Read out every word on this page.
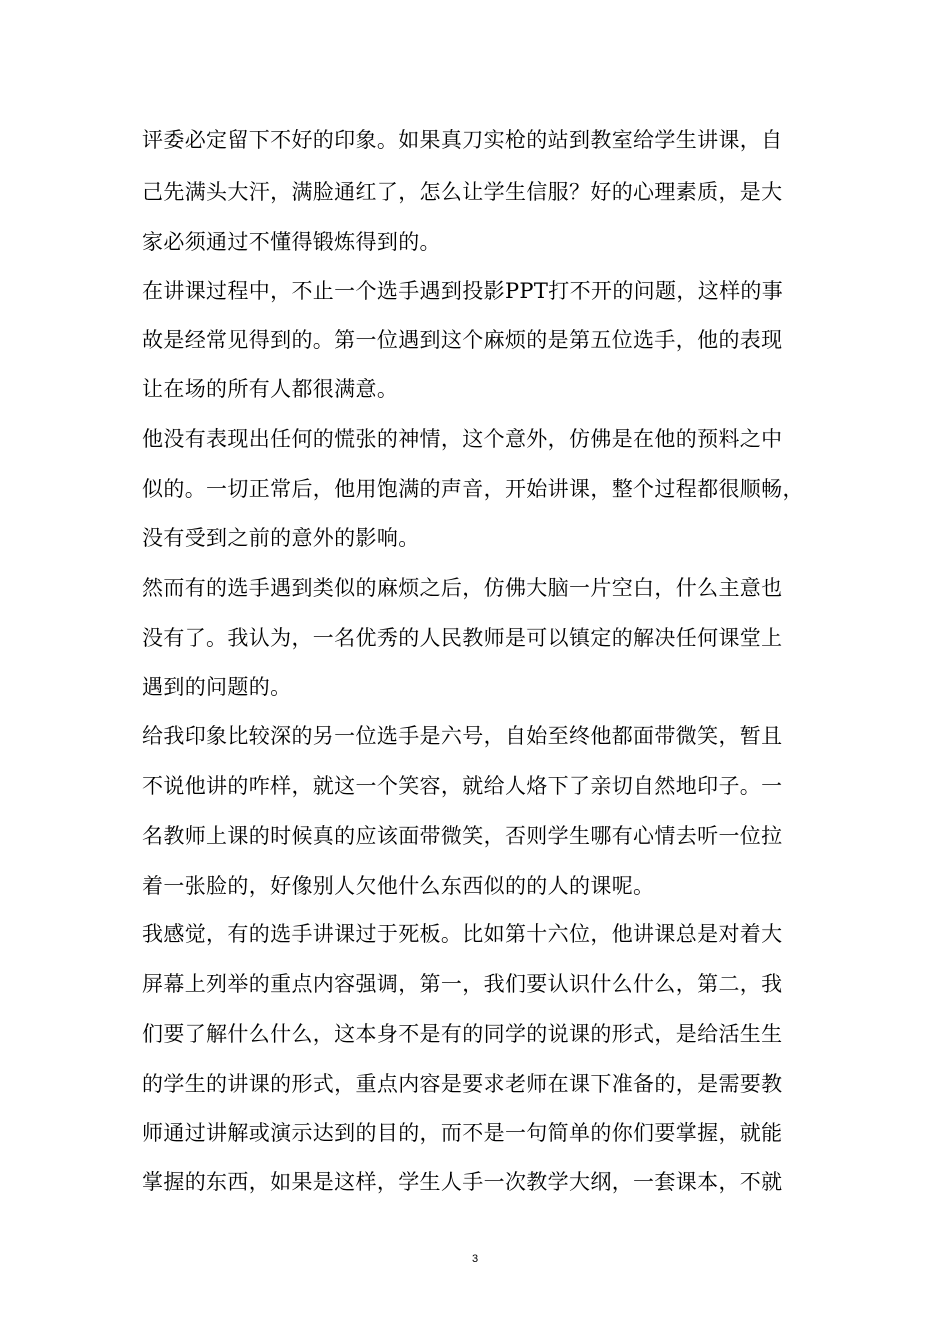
评委必定留下不好的印象。如果真刀实枪的站到教室给学生讲课，自
己先满头大汗，满脸通红了，怎么让学生信服？好的心理素质，是大
家必须通过不懂得锻炼得到的。
在讲课过程中，不止一个选手遇到投影PPT打不开的问题，这样的事
故是经常见得到的。第一位遇到这个麻烦的是第五位选手，他的表现
让在场的所有人都很满意。
他没有表现出任何的慌张的神情，这个意外，仿佛是在他的预料之中
似的。一切正常后，他用饱满的声音，开始讲课，整个过程都很顺畅，
没有受到之前的意外的影响。
然而有的选手遇到类似的麻烦之后，仿佛大脑一片空白，什么主意也
没有了。我认为，一名优秀的人民教师是可以镇定的解决任何课堂上
遇到的问题的。
给我印象比较深的另一位选手是六号，自始至终他都面带微笑，暂且
不说他讲的咋样，就这一个笑容，就给人烙下了亲切自然地印子。一
名教师上课的时候真的应该面带微笑，否则学生哪有心情去听一位拉
着一张脸的，好像别人欠他什么东西似的的人的课呢。
我感觉，有的选手讲课过于死板。比如第十六位，他讲课总是对着大
屏幕上列举的重点内容强调，第一，我们要认识什么什么，第二，我
们要了解什么什么，这本身不是有的同学的说课的形式，是给活生生
的学生的讲课的形式，重点内容是要求老师在课下准备的，是需要教
师通过讲解或演示达到的目的，而不是一句简单的你们要掌握，就能
掌握的东西，如果是这样，学生人手一次教学大纲，一套课本，不就
3
